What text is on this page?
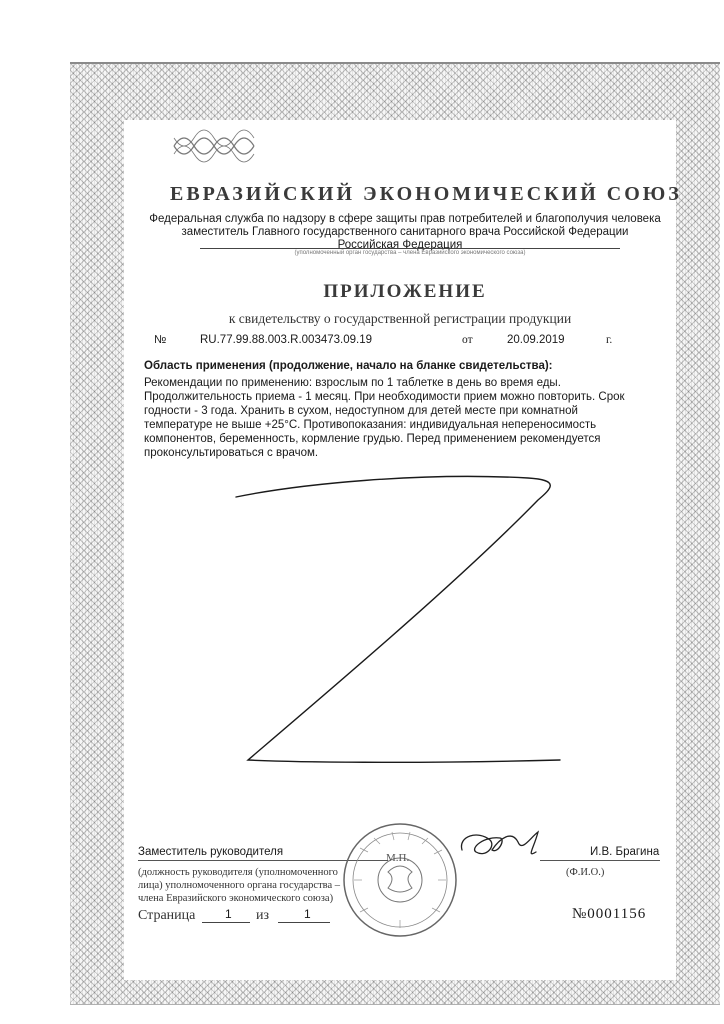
ЕВРАЗИЙСКИЙ ЭКОНОМИЧЕСКИЙ СОЮЗ
Федеральная служба по надзору в сфере защиты прав потребителей и благополучия человека
заместитель Главного государственного санитарного врача Российской Федерации
Российская Федерация
(уполномоченный орган государства – члена Евразийского экономического союза)
ПРИЛОЖЕНИЕ
к свидетельству о государственной регистрации продукции
№	RU.77.99.88.003.R.003473.09.19	от	20.09.2019	г.
Область применения (продолжение, начало на бланке свидетельства):
Рекомендации по применению: взрослым по 1 таблетке в день во время еды. Продолжительность приема - 1 месяц. При необходимости прием можно повторить. Срок годности - 3 года. Хранить в сухом, недоступном для детей месте при комнатной температуре не выше +25°С. Противопоказания: индивидуальная непереносимость компонентов, беременность, кормление грудью. Перед применением рекомендуется проконсультироваться с врачом.
Заместитель руководителя	И.В. Брагина
(должность руководителя (уполномоченного
лица) уполномоченного органа государства –
члена Евразийского экономического союза)
(Ф.И.О.)
М.П.
Страница 1 из	1	№0001156
